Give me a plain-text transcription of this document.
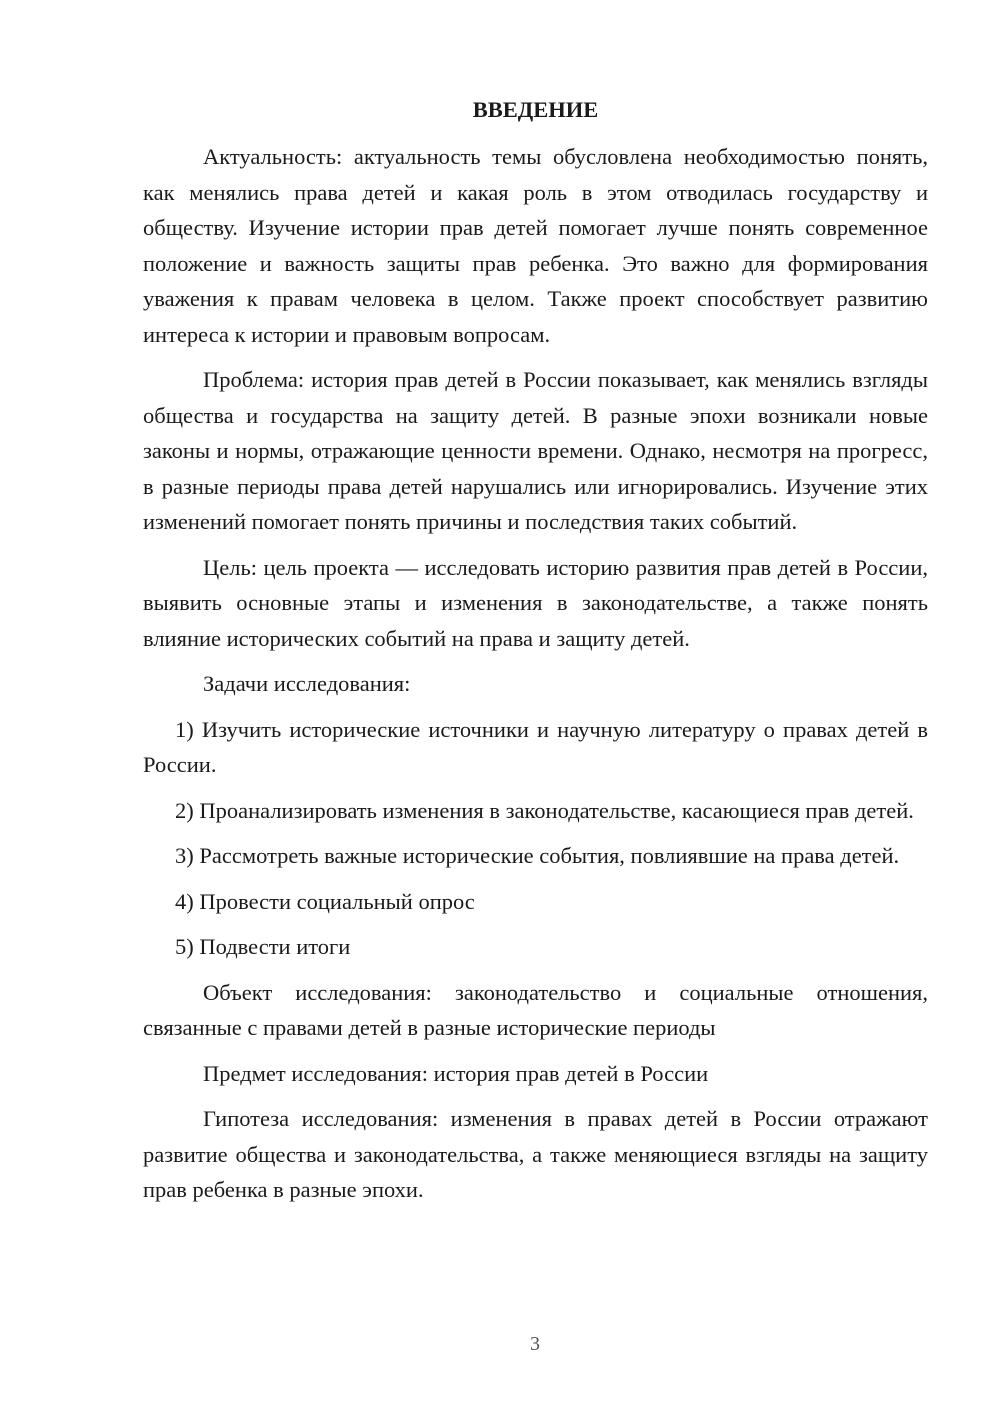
ВВЕДЕНИЕ

Актуальность: актуальность темы обусловлена необходимостью понять, как менялись права детей и какая роль в этом отводилась государству и обществу. Изучение истории прав детей помогает лучше понять современное положение и важность защиты прав ребенка. Это важно для формирования уважения к правам человека в целом. Также проект способствует развитию интереса к истории и правовым вопросам.

Проблема: история прав детей в России показывает, как менялись взгляды общества и государства на защиту детей. В разные эпохи возникали новые законы и нормы, отражающие ценности времени. Однако, несмотря на прогресс, в разные периоды права детей нарушались или игнорировались. Изучение этих изменений помогает понять причины и последствия таких событий.

Цель: цель проекта — исследовать историю развития прав детей в России, выявить основные этапы и изменения в законодательстве, а также понять влияние исторических событий на права и защиту детей.

Задачи исследования:

1) Изучить исторические источники и научную литературу о правах детей в России.

2) Проанализировать изменения в законодательстве, касающиеся прав детей.

3) Рассмотреть важные исторические события, повлиявшие на права детей.

4) Провести социальный опрос

5) Подвести итоги

Объект исследования: законодательство и социальные отношения, связанные с правами детей в разные исторические периоды

Предмет исследования: история прав детей в России

Гипотеза исследования: изменения в правах детей в России отражают развитие общества и законодательства, а также меняющиеся взгляды на защиту прав ребенка в разные эпохи.

3
